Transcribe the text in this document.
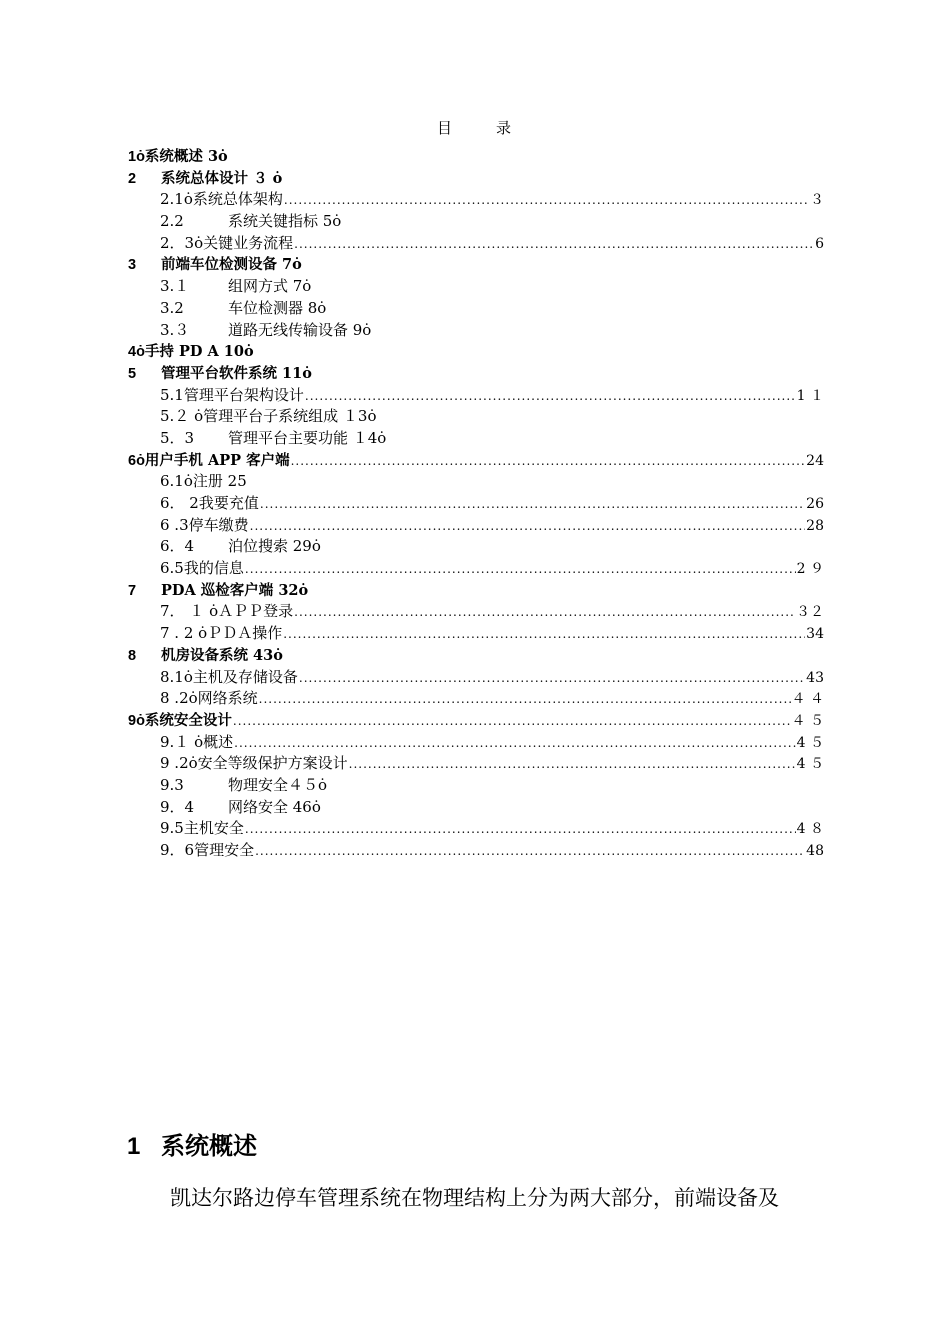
目	录
1ȯ 系统概述 3ȯ
2	系统总体设计 ３ ȯ
2.1ȯ 系统总体架构 .....	３
2.2	系统关键指标 5ȯ
2．3ȯ 关键业务流程 .....	6
3	前端车位检测设备 7ȯ
3.１	组网方式 7ȯ
3.2	车位检测器 8ȯ
3.３	道路无线传输设备 9ȯ
4ȯ 手持 PD A 10ȯ
5	管理平台软件系统 11ȯ
5.1 管理平台架构设计 .....	1 １
5.２ ȯ 管理平台子系统组成 １3ȯ
5．3	管理平台主要功能 １4ȯ
6ȯ 用户手机 APP 客户端 .....	24
6.1ȯ 注册 25
6． 2 我要充值 .....	26
6 .3 停车缴费 .....	28
6．4	泊位搜索 29ȯ
6.5 我的信息 .....	2 ９
7	PDA 巡检客户端 32ȯ
7． １ ȯ ＡＰＰ登录 .....	３２
7 . 2 ȯ ＰＤＡ操作 .....	34
8	机房设备系统 43ȯ
8.1ȯ 主机及存储设备 .....	43
8 .2ȯ 网络系统 .....	４ ４
9ȯ 系统安全设计 .....	４ ５
9.１ ȯ 概述 .....	4 ５
9 .2ȯ 安全等级保护方案设计 .....	4 ５
9.3	物理安全４５ȯ
9．4	网络安全 46ȯ
9.5 主机安全 .....	4 ８
9．6 管理安全 .....	48
1 系统概述
凯达尔路边停车管理系统在物理结构上分为两大部分，前端设备及
